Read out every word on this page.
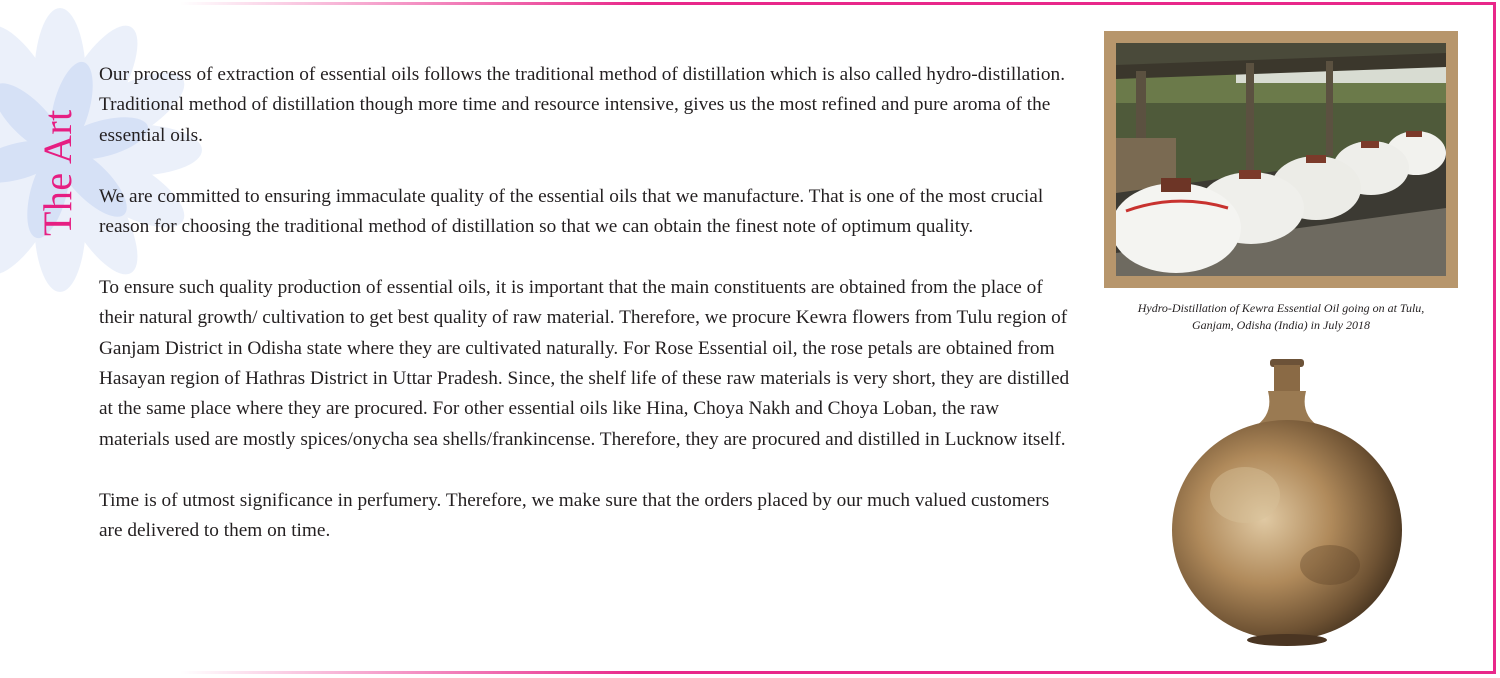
The Art

Our process of extraction of essential oils follows the traditional method of distillation which is also called hydro-distillation. Traditional method of distillation though more time and resource intensive, gives us the most refined and pure aroma of the essential oils.

We are committed to ensuring immaculate quality of the essential oils that we manufacture. That is one of the most crucial reason for choosing the traditional method of distillation so that we can obtain the finest note of optimum quality.

To ensure such quality production of essential oils, it is important that the main constituents are obtained from the place of their natural growth/ cultivation to get best quality of raw material. Therefore, we procure Kewra flowers from Tulu region of Ganjam District in Odisha state where they are cultivated naturally. For Rose Essential oil, the rose petals are obtained from Hasayan region of Hathras District in Uttar Pradesh. Since, the shelf life of these raw materials is very short, they are distilled at the same place where they are procured. For other essential oils like Hina, Choya Nakh and Choya Loban, the raw materials used are mostly spices/onycha sea shells/frankincense. Therefore, they are procured and distilled in Lucknow itself.

Time is of utmost significance in perfumery. Therefore, we make sure that the orders placed by our much valued customers are delivered to them on time.

Hydro-Distillation of Kewra Essential Oil going on at Tulu,
Ganjam, Odisha (India) in July 2018
